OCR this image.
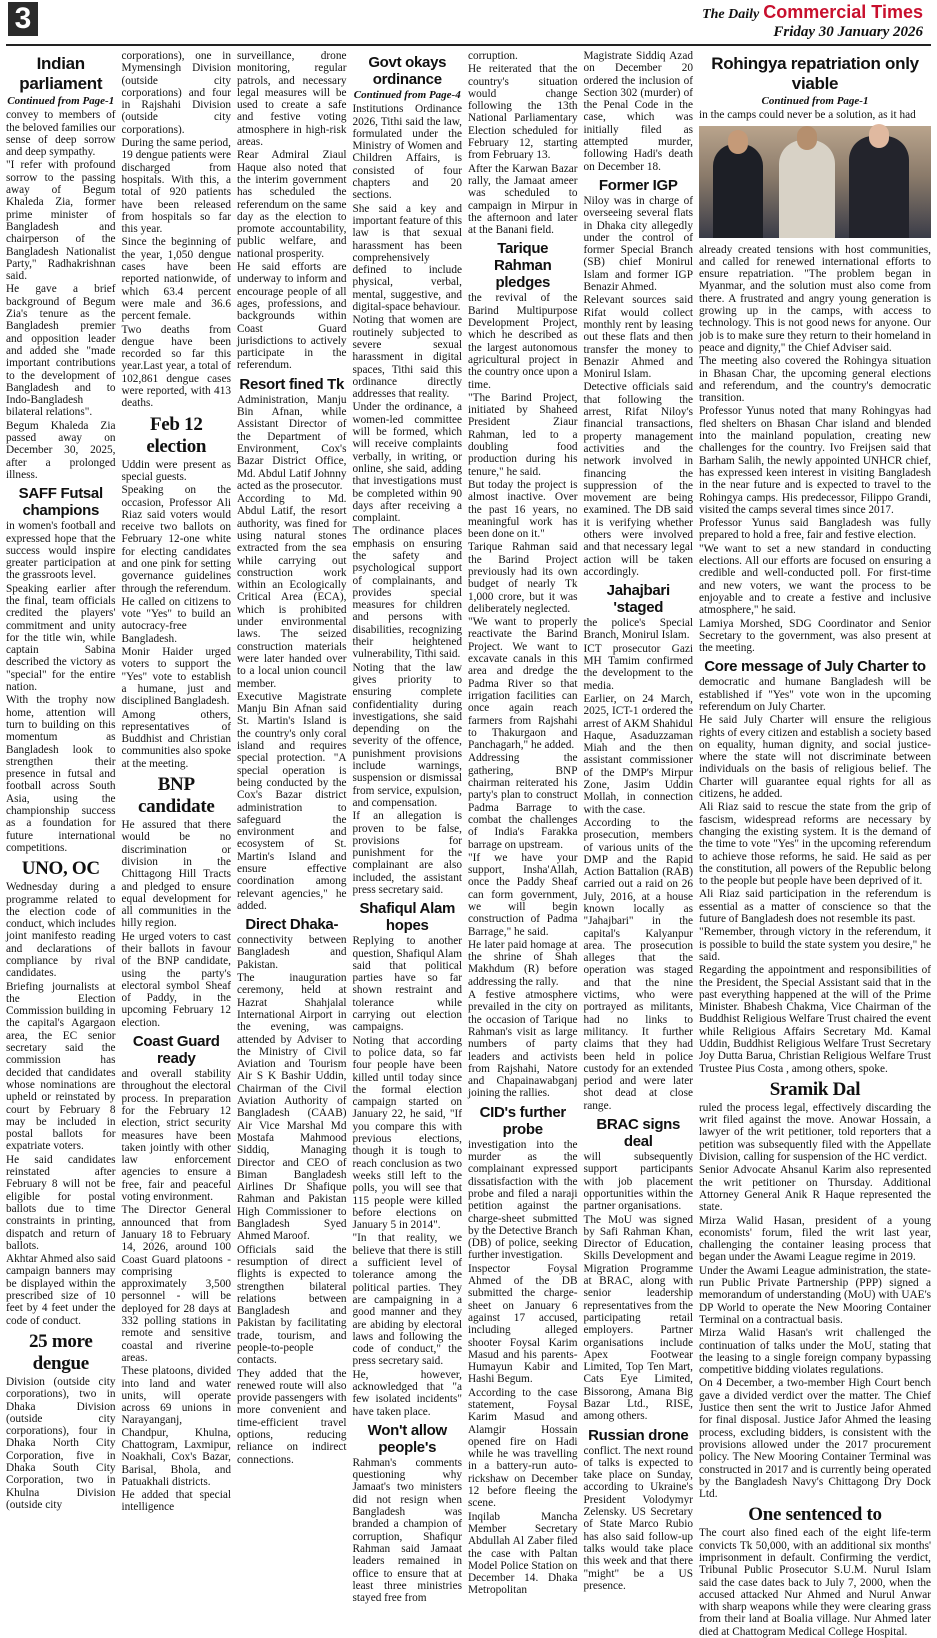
3	The Daily Commercial Times
Friday 30 January 2026
Indian parliament
Continued from Page-1

convey to members of the beloved families our sense of deep sorrow and deep sympathy.

"I refer with profound sorrow to the passing away of Begum Khaleda Zia, former prime minister of Bangladesh and chairperson of the Bangladesh Nationalist Party," Radhakrishnan said.

He gave a brief background of Begum Zia's tenure as the Bangladesh premier and opposition leader and added she "made important contributions to the development of Bangladesh and to Indo-Bangladesh bilateral relations".

Begum Khaleda Zia passed away on December 30, 2025, after a prolonged illness.

SAFF Futsal champions

in women's football and expressed hope that the success would inspire greater participation at the grassroots level.

Speaking earlier after the final, team officials credited the players' commitment and unity for the title win, while captain Sabina described the victory as "special" for the entire nation.

With the trophy now home, attention will turn to building on this momentum as Bangladesh look to strengthen their presence in futsal and football across South Asia, using the championship success as a foundation for future international competitions.

UNO, OC

Wednesday during a programme related to the election code of conduct, which includes joint manifesto reading and declarations of compliance by rival candidates.

Briefing journalists at the Election Commission building in the capital's Agargaon area, the EC senior secretary said the commission has decided that candidates whose nominations are upheld or reinstated by court by February 8 may be included in postal ballots for expatriate voters.

He said candidates reinstated after February 8 will not be eligible for postal ballots due to time constraints in printing, dispatch and return of ballots.

Akhtar Ahmed also said campaign banners may be displayed within the prescribed size of 10 feet by 4 feet under the code of conduct.

25 more dengue

Division (outside city corporations), two in Dhaka Division (outside city corporations), four in Dhaka North City Corporation, five in Dhaka South City Corporation, two in Khulna Division (outside city

corporations), one in Mymensingh Division (outside city corporations) and four in Rajshahi Division (outside city corporations).

During the same period, 19 dengue patients were discharged from hospitals. With this, a total of 920 patients have been released from hospitals so far this year.

Since the beginning of the year, 1,050 dengue cases have been reported nationwide, of which 63.4 percent were male and 36.6 percent female.

Two deaths from dengue have been recorded so far this year.Last year, a total of 102,861 dengue cases were reported, with 413 deaths.

Feb 12 election

Uddin were present as special guests.

Speaking on the occasion, Professor Ali Riaz said voters would receive two ballots on February 12-one white for electing candidates and one pink for setting governance guidelines through the referendum.

He called on citizens to vote "Yes" to build an autocracy-free Bangladesh.

Monir Haider urged voters to support the "Yes" vote to establish a humane, just and disciplined Bangladesh.

Among others, representatives of Buddhist and Christian communities also spoke at the meeting.

BNP candidate

He assured that there would be no discrimination or division in the Chittagong Hill Tracts and pledged to ensure equal development for all communities in the hilly region.

He urged voters to cast their ballots in favour of the BNP candidate, using the party's electoral symbol Sheaf of Paddy, in the upcoming February 12 election.

Coast Guard ready

and overall stability throughout the electoral process. In preparation for the February 12 election, strict security measures have been taken jointly with other law enforcement agencies to ensure a free, fair and peaceful voting environment.

The Director General announced that from January 18 to February 14, 2026, around 100 Coast Guard platoons - comprising approximately 3,500 personnel - will be deployed for 28 days at 332 polling stations in remote and sensitive coastal and riverine areas.

These platoons, divided into land and water units, will operate across 69 unions in Narayanganj, Chandpur, Khulna, Chattogram, Laxmipur, Noakhali, Cox's Bazar, Barisal, Bhola, and Patuakhali districts.

He added that special intelligence

surveillance, drone monitoring, regular patrols, and necessary legal measures will be used to create a safe and festive voting atmosphere in high-risk areas.

Rear Admiral Ziaul Haque also noted that the interim government has scheduled the referendum on the same day as the election to promote accountability, public welfare, and national prosperity.

He said efforts are underway to inform and encourage people of all ages, professions, and backgrounds within Coast Guard jurisdictions to actively participate in the referendum.

Resort fined Tk

Administration, Manju Bin Afnan, while Assistant Director of the Department of Environment, Cox's Bazar District Office, Md. Abdul Latif Johnny acted as the prosecutor.

According to Md. Abdul Latif, the resort authority, was fined for using natural stones extracted from the sea while carrying out construction work within an Ecologically Critical Area (ECA), which is prohibited under environmental laws. The seized construction materials were later handed over to a local union council member.

Executive Magistrate Manju Bin Afnan said St. Martin's Island is the country's only coral island and requires special protection. "A special operation is being conducted by the Cox's Bazar district administration to safeguard the environment and ecosystem of St. Martin's Island and ensure effective coordination among relevant agencies," he added.

Direct Dhaka-

connectivity between Bangladesh and Pakistan.

The inauguration ceremony, held at Hazrat Shahjalal International Airport in the evening, was attended by Adviser to the Ministry of Civil Aviation and Tourism Air S K Bashir Uddin, Chairman of the Civil Aviation Authority of Bangladesh (CAAB) Air Vice Marshal Md Mostafa Mahmood Siddiq, Managing Director and CEO of Biman Bangladesh Airlines Dr Shafique Rahman and Pakistan High Commissioner to Bangladesh Syed Ahmed Maroof.

Officials said the resumption of direct flights is expected to strengthen bilateral relations between Bangladesh and Pakistan by facilitating trade, tourism, and people-to-people contacts.

They added that the renewed route will also provide passengers with more convenient and time-efficient travel options, reducing reliance on indirect connections.

Govt okays ordinance
Continued from Page-4

Institutions Ordinance 2026, Tithi said the law, formulated under the Ministry of Women and Children Affairs, is consisted of four chapters and 20 sections.

She said a key and important feature of this law is that sexual harassment has been comprehensively defined to include physical, verbal, mental, suggestive, and digital-space behaviour.

Noting that women are routinely subjected to severe sexual harassment in digital spaces, Tithi said this ordinance directly addresses that reality.

Under the ordinance, a women-led committee will be formed, which will receive complaints verbally, in writing, or online, she said, adding that investigations must be completed within 90 days after receiving a complaint.

The ordinance places emphasis on ensuring the safety and psychological support of complainants, and provides special measures for children and persons with disabilities, recognizing their heightened vulnerability, Tithi said.

Noting that the law gives priority to ensuring complete confidentiality during investigations, she said depending on the severity of the offence, punishment provisions include warnings, suspension or dismissal from service, expulsion, and compensation.

If an allegation is proven to be false, provisions for punishment for the complainant are also included, the assistant press secretary said.

Shafiqul Alam hopes

Replying to another question, Shafiqul Alam said that political parties have so far shown restraint and tolerance while carrying out election campaigns.

Noting that according to police data, so far four people have been killed until today since the formal election campaign started on January 22, he said, "If you compare this with previous elections, though it is tough to reach conclusion as two weeks still left to the polls, you will see that 115 people were killed before elections on January 5 in 2014".

"In that reality, we believe that there is still a sufficient level of tolerance among the political parties. They are campaigning in a good manner and they are abiding by electoral laws and following the code of conduct," the press secretary said.

He, however, acknowledged that "a few isolated incidents" have taken place.

Won't allow people's

Rahman's comments questioning why Jamaat's two ministers did not resign when Bangladesh was branded a champion of corruption, Shafiqur Rahman said Jamaat leaders remained in office to ensure that at least three ministries stayed free from

corruption.

He reiterated that the country's situation would change following the 13th National Parliamentary Election scheduled for February 12, starting from February 13.

After the Karwan Bazar rally, the Jamaat ameer was scheduled to campaign in Mirpur in the afternoon and later at the Banani field.

Tarique Rahman pledges

the revival of the Barind Multipurpose Development Project, which he described as the largest autonomous agricultural project in the country once upon a time.

"The Barind Project, initiated by Shaheed President Ziaur Rahman, led to a doubling food production during his tenure," he said.

But today the project is almost inactive. Over the past 16 years, no meaningful work has been done on it."

Tarique Rahman said the Barind Project previously had its own budget of nearly Tk 1,000 crore, but it was deliberately neglected.

"We want to properly reactivate the Barind Project. We want to excavate canals in this area and dredge the Padma River so that irrigation facilities can once again reach farmers from Rajshahi to Thakurgaon and Panchagarh," he added.

Addressing the gathering, BNP chairman reiterated his party's plan to construct Padma Barrage to combat the challenges of India's Farakka barrage on upstream.

"If we have your support, Insha'Allah, once the Paddy Sheaf can form government, we will begin construction of Padma Barrage," he said.

He later paid homage at the shrine of Shah Makhdum (R) before addressing the rally.

A festive atmosphere prevailed in the city on the occasion of Tarique Rahman's visit as large numbers of party leaders and activists from Rajshahi, Natore and Chapainawabganj joining the rallies.

CID's further probe

investigation into the murder as the complainant expressed dissatisfaction with the probe and filed a naraji petition against the charge-sheet submitted by the Detective Branch (DB) of police, seeking further investigation.

Inspector Foysal Ahmed of the DB submitted the charge-sheet on January 6 against 17 accused, including alleged shooter Foysal Karim Masud and his parents-Humayun Kabir and Hashi Begum.

According to the case statement, Foysal Karim Masud and Alamgir Hossain opened fire on Hadi while he was travelling in a battery-run auto-rickshaw on December 12 before fleeing the scene.

Inqilab Mancha Member Secretary Abdullah Al Zaber filed the case with Paltan Model Police Station on December 14. Dhaka Metropolitan

Magistrate Siddiq Azad on December 20 ordered the inclusion of Section 302 (murder) of the Penal Code in the case, which was initially filed as attempted murder, following Hadi's death on December 18.

Former IGP

Niloy was in charge of overseeing several flats in Dhaka city allegedly under the control of former Special Branch (SB) chief Monirul Islam and former IGP Benazir Ahmed.

Relevant sources said Rifat would collect monthly rent by leasing out these flats and then transfer the money to Benazir Ahmed and Monirul Islam.

Detective officials said that following the arrest, Rifat Niloy's financial transactions, property management activities and the network involved in financing the suppression of the movement are being examined. The DB said it is verifying whether others were involved and that necessary legal action will be taken accordingly.

Jahajbari 'staged

the police's Special Branch, Monirul Islam.

ICT prosecutor Gazi MH Tamim confirmed the development to the media.

Earlier, on 24 March, 2025, ICT-1 ordered the arrest of AKM Shahidul Haque, Asaduzzaman Miah and the then assistant commissioner of the DMP's Mirpur Zone, Jasim Uddin Mollah, in connection with the case.

According to the prosecution, members of various units of the DMP and the Rapid Action Battalion (RAB) carried out a raid on 26 July, 2016, at a house known locally as "Jahajbari" in the capital's Kalyanpur area. The prosecution alleges that the operation was staged and that the nine victims, who were portrayed as militants, had no links to militancy. It further claims that they had been held in police custody for an extended period and were later shot dead at close range.

BRAC signs deal

will subsequently support participants with job placement opportunities within the partner organisations.

The MoU was signed by Safi Rahman Khan, Director of Education, Skills Development and Migration Programme at BRAC, along with senior leadership representatives from the participating retail employers. Partner organisations include Apex Footwear Limited, Top Ten Mart, Cats Eye Limited, Bissorong, Amana Big Bazar Ltd., RISE, among others.

Russian drone

conflict. The next round of talks is expected to take place on Sunday, according to Ukraine's President Volodymyr Zelensky. US Secretary of State Marco Rubio has also said follow-up talks would take place this week and that there "might" be a US presence.

Rohingya repatriation only viable
Continued from Page-1

in the camps could never be a solution, as it had

already created tensions with host communities, and called for renewed international efforts to ensure repatriation. "The problem began in Myanmar, and the solution must also come from there. A frustrated and angry young generation is growing up in the camps, with access to technology. This is not good news for anyone. Our job is to make sure they return to their homeland in peace and dignity," the Chief Adviser said.

The meeting also covered the Rohingya situation in Bhasan Char, the upcoming general elections and referendum, and the country's democratic transition.

Professor Yunus noted that many Rohingyas had fled shelters on Bhasan Char island and blended into the mainland population, creating new challenges for the country. Ivo Freijsen said that Barham Salih, the newly appointed UNHCR chief, has expressed keen interest in visiting Bangladesh in the near future and is expected to travel to the Rohingya camps. His predecessor, Filippo Grandi, visited the camps several times since 2017.

Professor Yunus said Bangladesh was fully prepared to hold a free, fair and festive election.

"We want to set a new standard in conducting elections. All our efforts are focused on ensuring a credible and well-conducted poll. For first-time and new voters, we want the process to be enjoyable and to create a festive and inclusive atmosphere," he said.

Lamiya Morshed, SDG Coordinator and Senior Secretary to the government, was also present at the meeting.

Core message of July Charter to

democratic and humane Bangladesh will be established if "Yes" vote won in the upcoming referendum on July Charter.

He said July Charter will ensure the religious rights of every citizen and establish a society based on equality, human dignity, and social justice-where the state will not discriminate between individuals on the basis of religious belief. The Charter will guarantee equal rights for all as citizens, he added.

Ali Riaz said to rescue the state from the grip of fascism, widespread reforms are necessary by changing the existing system. It is the demand of the time to vote "Yes" in the upcoming referendum to achieve those reforms, he said. He said as per the constitution, all powers of the Republic belong to the people but people have been deprived of it.

Ali Riaz said participation in the referendum is essential as a matter of conscience so that the future of Bangladesh does not resemble its past.

"Remember, through victory in the referendum, it is possible to build the state system you desire," he said.

Regarding the appointment and responsibilities of the President, the Special Assistant said that in the past everything happened at the will of the Prime Minister. Bhabesh Chakma, Vice Chairman of the Buddhist Religious Welfare Trust chaired the event while Religious Affairs Secretary Md. Kamal Uddin, Buddhist Religious Welfare Trust Secretary Joy Dutta Barua, Christian Religious Welfare Trust Trustee Pius Costa , among others, spoke.

Sramik Dal

ruled the process legal, effectively discarding the writ filed against the move. Anowar Hossain, a lawyer of the writ petitioner, told reporters that a petition was subsequently filed with the Appellate Division, calling for suspension of the HC verdict.

Senior Advocate Ahsanul Karim also represented the writ petitioner on Thursday. Additional Attorney General Anik R Haque represented the state.

Mirza Walid Hasan, president of a young economists' forum, filed the writ last year, challenging the container leasing process that began under the Awami League regime in 2019.

Under the Awami League administration, the state-run Public Private Partnership (PPP) signed a memorandum of understanding (MoU) with UAE's DP World to operate the New Mooring Container Terminal on a contractual basis.

Mirza Walid Hasan's writ challenged the continuation of talks under the MoU, stating that the leasing to a single foreign company bypassing competitive bidding violates regulations.

On 4 December, a two-member High Court bench gave a divided verdict over the matter. The Chief Justice then sent the writ to Justice Jafor Ahmed for final disposal. Justice Jafor Ahmed the leasing process, excluding bidders, is consistent with the provisions allowed under the 2017 procurement policy. The New Mooring Container Terminal was constructed in 2017 and is currently being operated by the Bangladesh Navy's Chittagong Dry Dock Ltd.

One sentenced to

The court also fined each of the eight life-term convicts Tk 50,000, with an additional six months' imprisonment in default. Confirming the verdict, Tribunal Public Prosecutor S.U.M. Nurul Islam said the case dates back to July 7, 2000, when the accused attacked Nur Ahmed and Nurul Anwar with sharp weapons while they were clearing grass from their land at Boalia village. Nur Ahmed later died at Chattogram Medical College Hospital.
